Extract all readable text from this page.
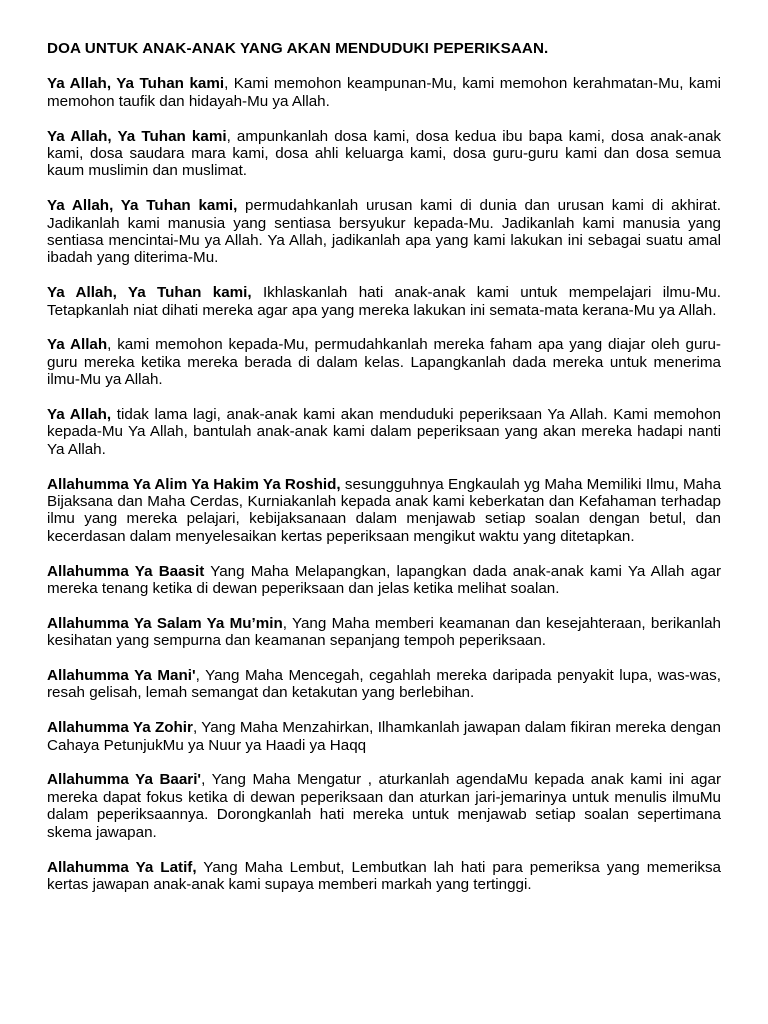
DOA UNTUK ANAK-ANAK YANG AKAN MENDUDUKI PEPERIKSAAN.

Ya Allah, Ya Tuhan kami, Kami memohon keampunan-Mu, kami memohon kerahmatan-Mu, kami memohon taufik dan hidayah-Mu ya Allah.

Ya Allah, Ya Tuhan kami, ampunkanlah dosa kami, dosa kedua ibu bapa kami, dosa anak-anak kami, dosa saudara mara kami, dosa ahli keluarga kami, dosa guru-guru kami dan dosa semua kaum muslimin dan muslimat.

Ya Allah, Ya Tuhan kami, permudahkanlah urusan kami di dunia dan urusan kami di akhirat. Jadikanlah kami manusia yang sentiasa bersyukur kepada-Mu. Jadikanlah kami manusia yang sentiasa mencintai-Mu ya Allah. Ya Allah, jadikanlah apa yang kami lakukan ini sebagai suatu amal ibadah yang diterima-Mu.

Ya Allah, Ya Tuhan kami, Ikhlaskanlah hati anak-anak kami untuk mempelajari ilmu-Mu. Tetapkanlah niat dihati mereka agar apa yang mereka lakukan ini semata-mata kerana-Mu ya Allah.

Ya Allah, kami memohon kepada-Mu, permudahkanlah mereka faham apa yang diajar oleh guru-guru mereka ketika mereka berada di dalam kelas. Lapangkanlah dada mereka untuk menerima ilmu-Mu ya Allah.

Ya Allah, tidak lama lagi, anak-anak kami akan menduduki peperiksaan Ya Allah. Kami memohon kepada-Mu Ya Allah, bantulah anak-anak kami dalam peperiksaan yang akan mereka hadapi nanti Ya Allah.

Allahumma Ya Alim Ya Hakim Ya Roshid, sesungguhnya Engkaulah yg Maha Memiliki Ilmu, Maha Bijaksana dan Maha Cerdas, Kurniakanlah kepada anak kami keberkatan dan Kefahaman terhadap ilmu yang mereka pelajari, kebijaksanaan dalam menjawab setiap soalan dengan betul, dan kecerdasan dalam menyelesaikan kertas peperiksaan mengikut waktu yang ditetapkan.

Allahumma Ya Baasit Yang Maha Melapangkan, lapangkan dada anak-anak kami Ya Allah agar mereka tenang ketika di dewan peperiksaan dan jelas ketika melihat soalan.

Allahumma Ya Salam Ya Mu’min, Yang Maha memberi keamanan dan kesejahteraan, berikanlah kesihatan yang sempurna dan keamanan sepanjang tempoh peperiksaan.

Allahumma Ya Mani', Yang Maha Mencegah, cegahlah mereka daripada penyakit lupa, was-was, resah gelisah, lemah semangat dan ketakutan yang berlebihan.

Allahumma Ya Zohir, Yang Maha Menzahirkan, Ilhamkanlah jawapan dalam fikiran mereka dengan Cahaya PetunjukMu ya Nuur ya Haadi ya Haqq

Allahumma Ya Baari', Yang Maha Mengatur , aturkanlah agendaMu kepada anak kami ini agar mereka dapat fokus ketika di dewan peperiksaan dan aturkan jari-jemarinya untuk menulis ilmuMu dalam peperiksaannya. Dorongkanlah hati mereka untuk menjawab setiap soalan sepertimana skema jawapan.

Allahumma Ya Latif, Yang Maha Lembut, Lembutkan lah hati para pemeriksa yang memeriksa kertas jawapan anak-anak kami supaya memberi markah yang tertinggi.
